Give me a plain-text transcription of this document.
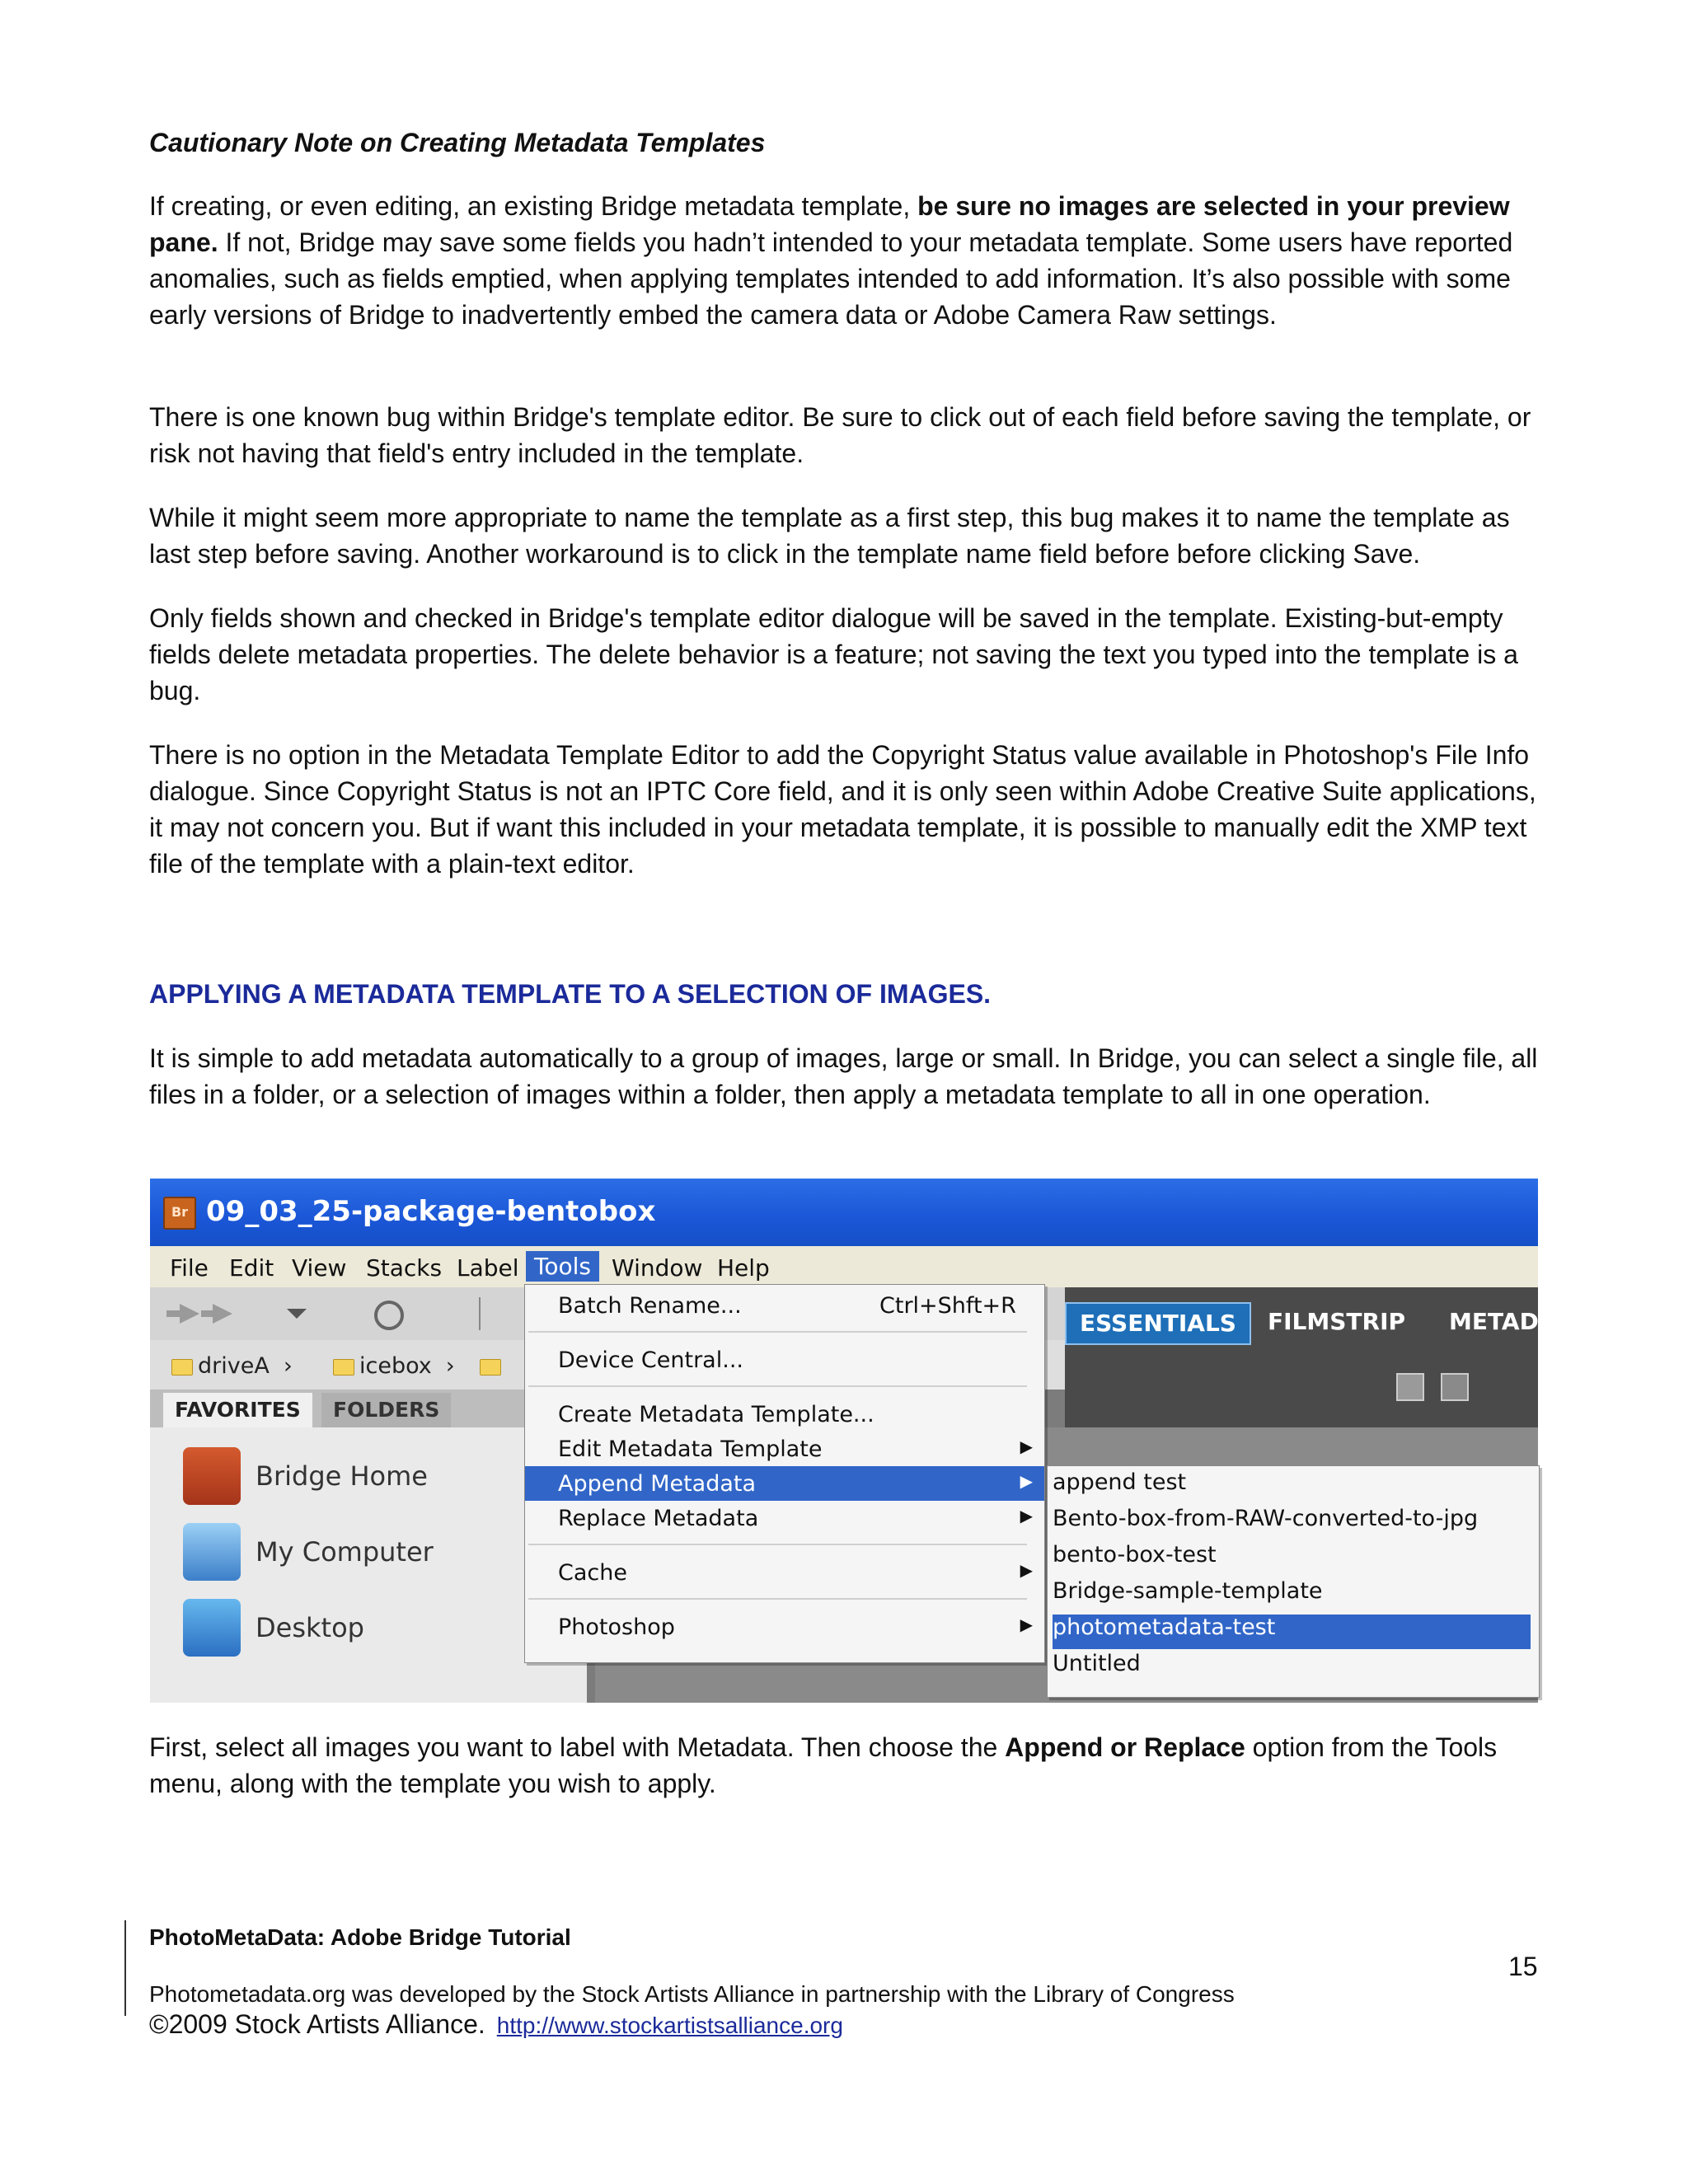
Cautionary Note on Creating Metadata Templates

If creating, or even editing, an existing Bridge metadata template, be sure no images are selected in your preview pane. If not, Bridge may save some fields you hadn’t intended to your metadata template. Some users have reported anomalies, such as fields emptied, when applying templates intended to add information. It’s also possible with some early versions of Bridge to inadvertently embed the camera data or Adobe Camera Raw settings.

There is one known bug within Bridge's template editor. Be sure to click out of each field before saving the template, or risk not having that field's entry included in the template.

While it might seem more appropriate to name the template as a first step, this bug makes it to name the template as last step before saving. Another workaround is to click in the template name field before before clicking Save.

Only fields shown and checked in Bridge's template editor dialogue will be saved in the template. Existing-but-empty fields delete metadata properties. The delete behavior is a feature; not saving the text you typed into the template is a bug.

There is no option in the Metadata Template Editor to add the Copyright Status value available in Photoshop's File Info dialogue. Since Copyright Status is not an IPTC Core field, and it is only seen within Adobe Creative Suite applications, it may not concern you. But if want this included in your metadata template, it is possible to manually edit the XMP text file of the template with a plain-text editor.

APPLYING A METADATA TEMPLATE TO A SELECTION OF IMAGES.

It is simple to add metadata automatically to a group of images, large or small. In Bridge, you can select a single file, all files in a folder, or a selection of images within a folder, then apply a metadata template to all in one operation.

First, select all images you want to label with Metadata. Then choose the Append or Replace option from the Tools menu, along with the template you wish to apply.

Br 09_03_25-package-bentobox
File Edit View Stacks Label Tools Window Help
driveA  ›	icebox  ›
FAVORITES	FOLDERS
Bridge Home
My Computer
Desktop
ESSENTIALS	FILMSTRIP	METADA
Batch Rename...	Ctrl+Shft+R
Device Central...
Create Metadata Template...
Edit Metadata Template	▶
Append Metadata	▶
Replace Metadata	▶
Cache	▶
Photoshop	▶
append test
Bento-box-from-RAW-converted-to-jpg
bento-box-test
Bridge-sample-template
photometadata-test
Untitled
PhotoMetaData: Adobe Bridge Tutorial
Photometadata.org was developed by the Stock Artists Alliance in partnership with the Library of Congress
©2009 Stock Artists Alliance. http://www.stockartistsalliance.org
15
